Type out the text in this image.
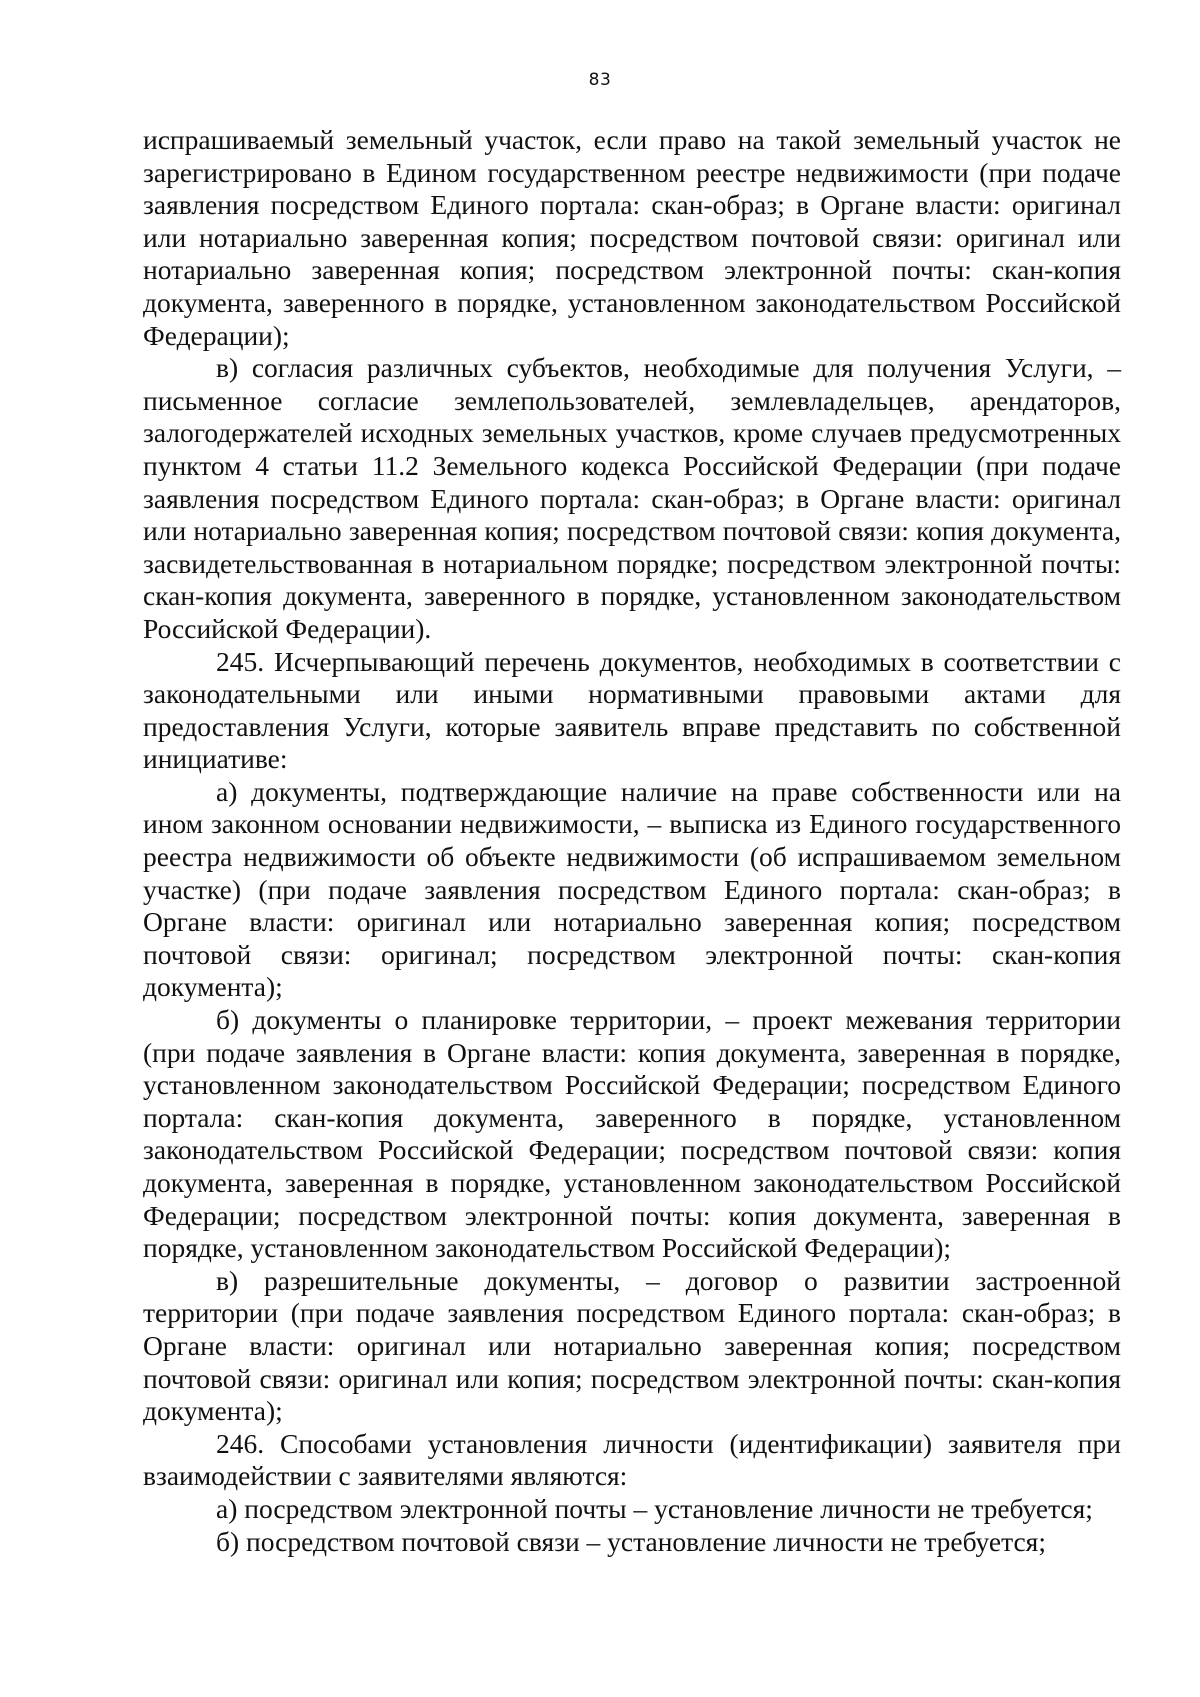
83

испрашиваемый земельный участок, если право на такой земельный участок не зарегистрировано в Едином государственном реестре недвижимости (при подаче заявления посредством Единого портала: скан-образ; в Органе власти: оригинал или нотариально заверенная копия; посредством почтовой связи: оригинал или нотариально заверенная копия; посредством электронной почты: скан-копия документа, заверенного в порядке, установленном законодательством Российской Федерации);

в) согласия различных субъектов, необходимые для получения Услуги, – письменное согласие землепользователей, землевладельцев, арендаторов, залогодержателей исходных земельных участков, кроме случаев предусмотренных пунктом 4 статьи 11.2 Земельного кодекса Российской Федерации (при подаче заявления посредством Единого портала: скан-образ; в Органе власти: оригинал или нотариально заверенная копия; посредством почтовой связи: копия документа, засвидетельствованная в нотариальном порядке; посредством электронной почты: скан-копия документа, заверенного в порядке, установленном законодательством Российской Федерации).

245. Исчерпывающий перечень документов, необходимых в соответствии с законодательными или иными нормативными правовыми актами для предоставления Услуги, которые заявитель вправе представить по собственной инициативе:

а) документы, подтверждающие наличие на праве собственности или на ином законном основании недвижимости, – выписка из Единого государственного реестра недвижимости об объекте недвижимости (об испрашиваемом земельном участке) (при подаче заявления посредством Единого портала: скан-образ; в Органе власти: оригинал или нотариально заверенная копия; посредством почтовой связи: оригинал; посредством электронной почты: скан-копия документа);

б) документы о планировке территории, – проект межевания территории (при подаче заявления в Органе власти: копия документа, заверенная в порядке, установленном законодательством Российской Федерации; посредством Единого портала: скан-копия документа, заверенного в порядке, установленном законодательством Российской Федерации; посредством почтовой связи: копия документа, заверенная в порядке, установленном законодательством Российской Федерации; посредством электронной почты: копия документа, заверенная в порядке, установленном законодательством Российской Федерации);

в) разрешительные документы, – договор о развитии застроенной территории (при подаче заявления посредством Единого портала: скан-образ; в Органе власти: оригинал или нотариально заверенная копия; посредством почтовой связи: оригинал или копия; посредством электронной почты: скан-копия документа);

246. Способами установления личности (идентификации) заявителя при взаимодействии с заявителями являются:

а) посредством электронной почты – установление личности не требуется;

б) посредством почтовой связи – установление личности не требуется;
